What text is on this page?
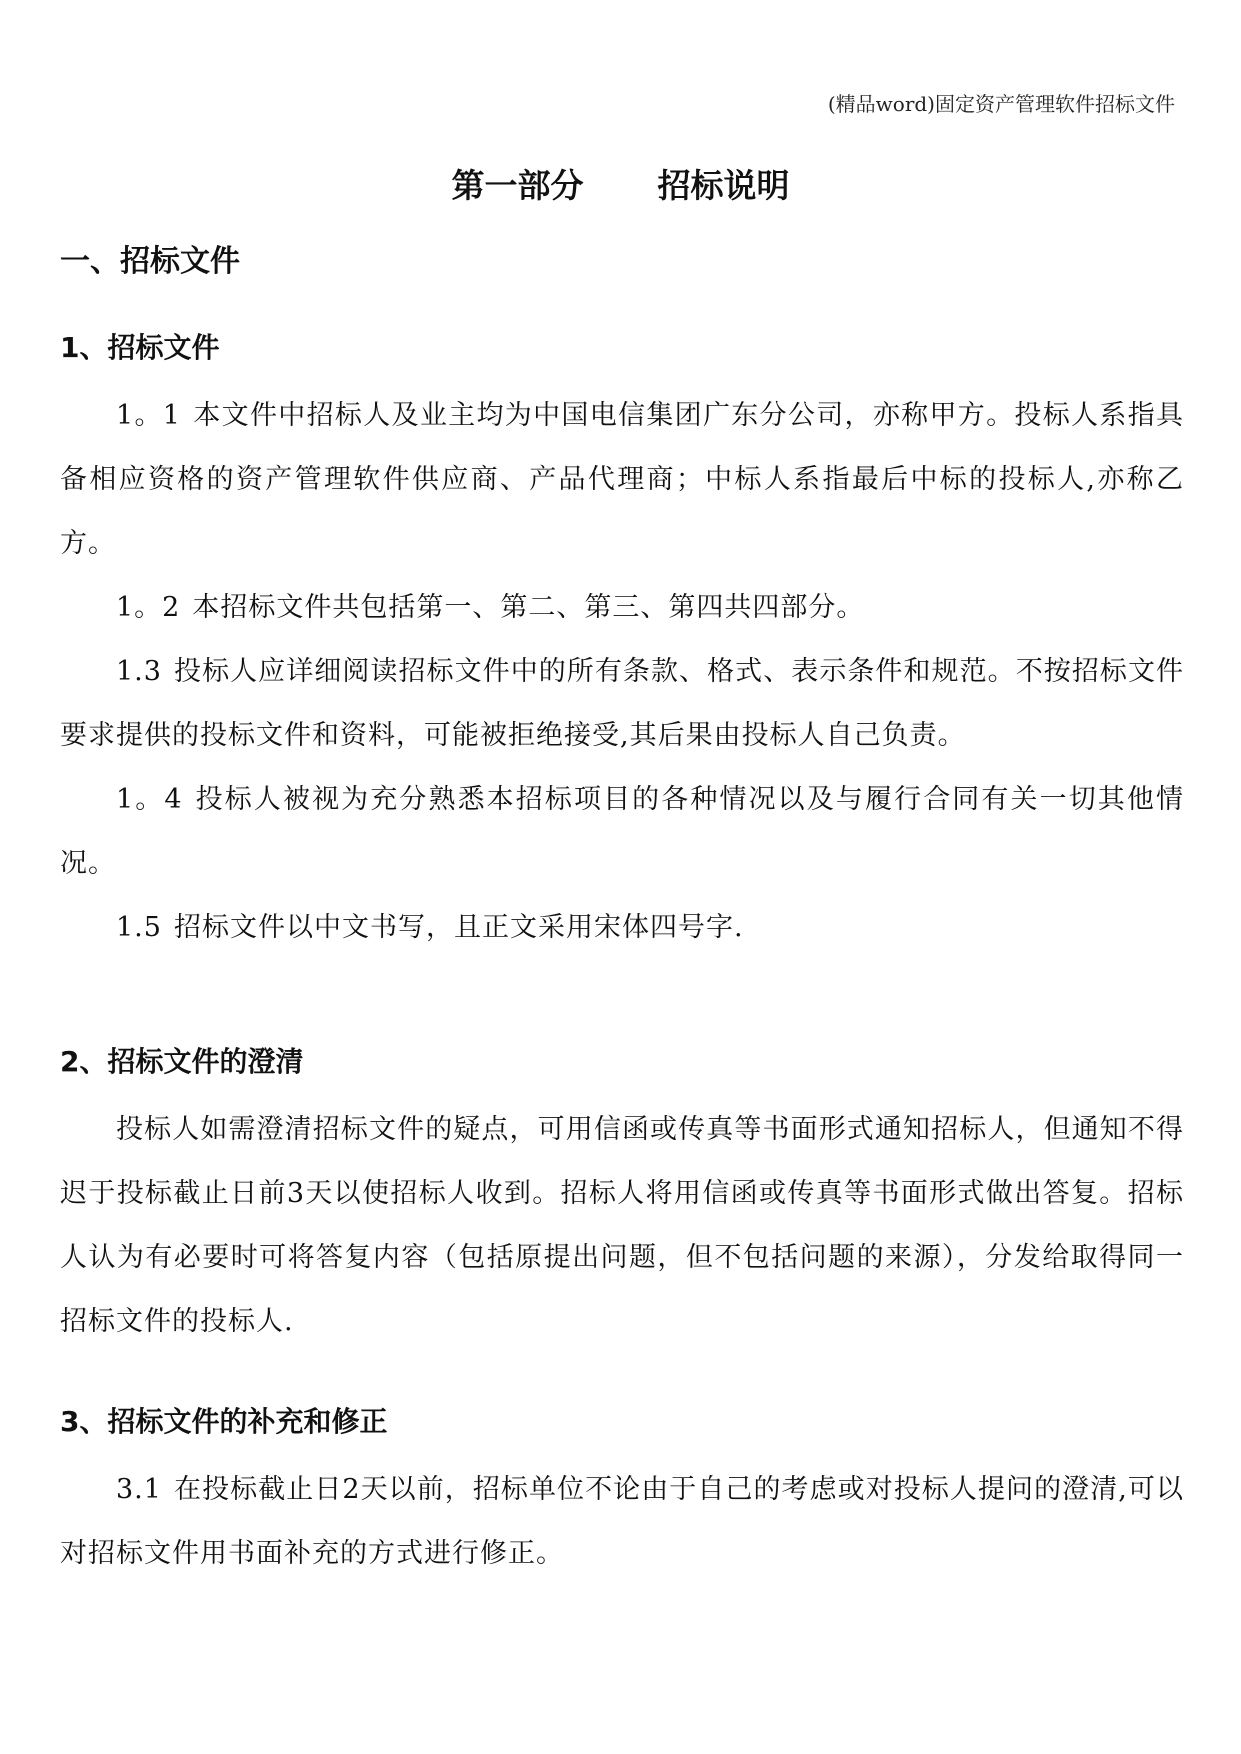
(精品word)固定资产管理软件招标文件
第一部分 招标说明
一、招标文件
1、招标文件

1。1 本文件中招标人及业主均为中国电信集团广东分公司，亦称甲方。投标人系指具备相应资格的资产管理软件供应商、产品代理商；中标人系指最后中标的投标人,亦称乙方。

1。2 本招标文件共包括第一、第二、第三、第四共四部分。

1.3 投标人应详细阅读招标文件中的所有条款、格式、表示条件和规范。不按招标文件要求提供的投标文件和资料，可能被拒绝接受,其后果由投标人自己负责。

1。4 投标人被视为充分熟悉本招标项目的各种情况以及与履行合同有关一切其他情况。

1.5 招标文件以中文书写，且正文采用宋体四号字.

2、招标文件的澄清

投标人如需澄清招标文件的疑点，可用信函或传真等书面形式通知招标人，但通知不得迟于投标截止日前3天以使招标人收到。招标人将用信函或传真等书面形式做出答复。招标人认为有必要时可将答复内容（包括原提出问题，但不包括问题的来源），分发给取得同一招标文件的投标人.

3、招标文件的补充和修正

3.1 在投标截止日2天以前，招标单位不论由于自己的考虑或对投标人提问的澄清,可以对招标文件用书面补充的方式进行修正。
